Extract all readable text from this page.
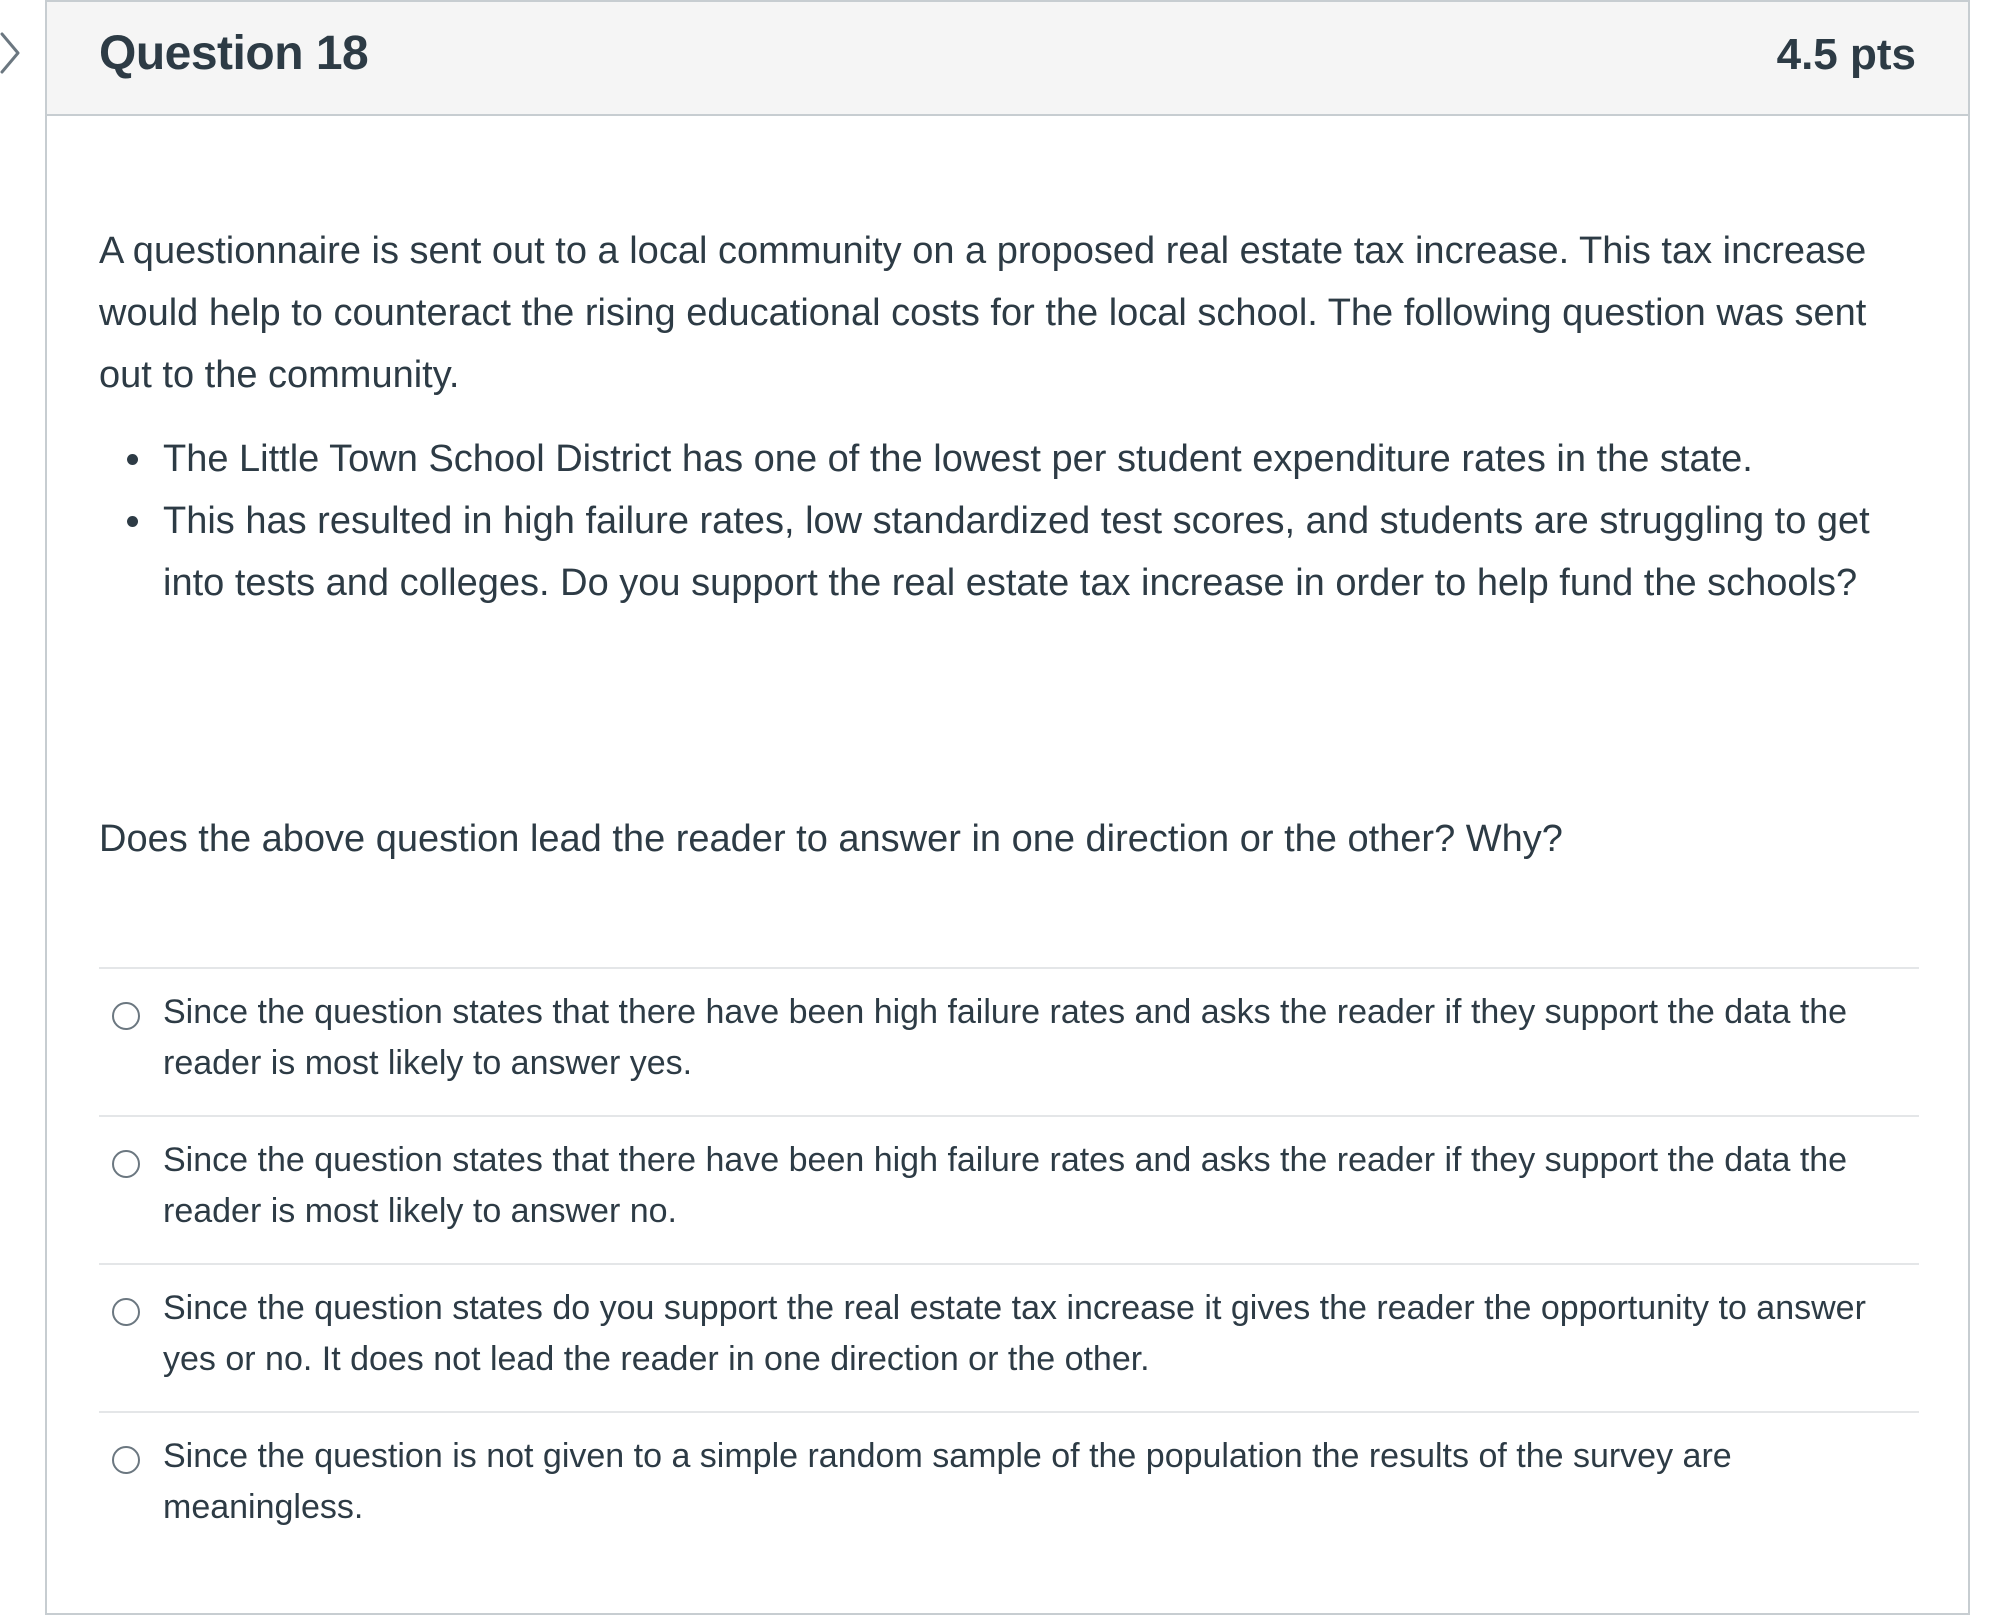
Question 18	4.5 pts

A questionnaire is sent out to a local community on a proposed real estate tax increase. This tax increase would help to counteract the rising educational costs for the local school. The following question was sent out to the community.

The Little Town School District has one of the lowest per student expenditure rates in the state.
This has resulted in high failure rates, low standardized test scores, and students are struggling to get into tests and colleges. Do you support the real estate tax increase in order to help fund the schools?

Does the above question lead the reader to answer in one direction or the other? Why?

Since the question states that there have been high failure rates and asks the reader if they support the data the reader is most likely to answer yes.
Since the question states that there have been high failure rates and asks the reader if they support the data the reader is most likely to answer no.
Since the question states do you support the real estate tax increase it gives the reader the opportunity to answer yes or no. It does not lead the reader in one direction or the other.
Since the question is not given to a simple random sample of the population the results of the survey are meaningless.
